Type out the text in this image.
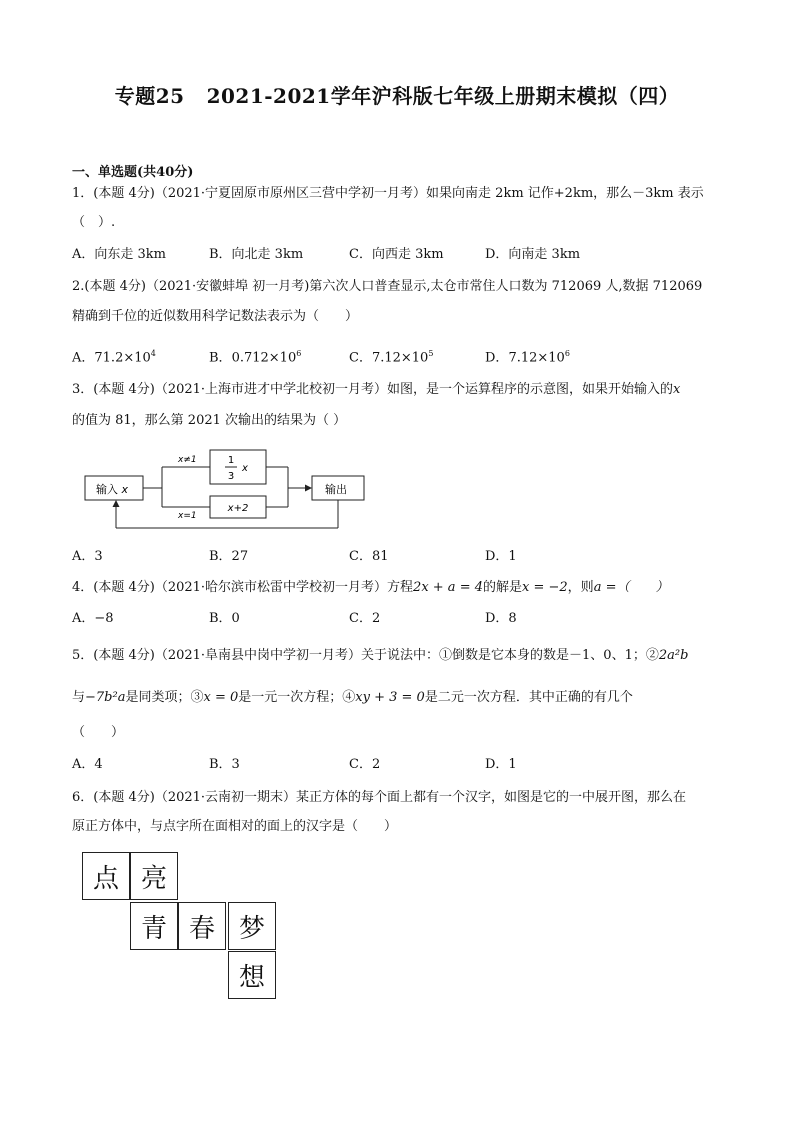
专题25 2021-2021学年沪科版七年级上册期末模拟（四）
一、单选题(共40分)
1．(本题 4分)（2021·宁夏固原市原州区三营中学初一月考）如果向南走 2km 记作+2km，那么－3km 表示
（　）.
A．向东走 3km	B．向北走 3km	C．向西走 3km	D．向南走 3km
2.(本题 4分)（2021·安徽蚌埠 初一月考)第六次人口普查显示,太仓市常住人口数为 712069 人,数据 712069
精确到千位的近似数用科学记数法表示为（　　）
A．$71.2\times 10^4$	B．$0.712\times 10^6$	C．$7.12\times 10^5$	D．$7.12\times 10^6$
3．(本题 4分)（2021·上海市进才中学北校初一月考）如图，是一个运算程序的示意图，如果开始输入的x
的值为 81，那么第 2021 次输出的结果为（ ）
输入 x	输出
x≠1
x=1
1
3
x
x+2
A．3	B．27	C．81	D．1
4．(本题 4分)（2021·哈尔滨市松雷中学校初一月考）方程2x + a = 4的解是x = −2，则a =（　　）
A．−8	B．0	C．2	D．8
5．(本题 4分)（2021·阜南县中岗中学初一月考）关于说法中：①倒数是它本身的数是－1、0、1；②2a²b
与−7b²a是同类项；③x = 0是一元一次方程；④xy + 3 = 0是二元一次方程．其中正确的有几个
（　　）
A．4	B．3	C．2	D．1
6．(本题 4分)（2021·云南初一期末）某正方体的每个面上都有一个汉字，如图是它的一中展开图，那么在
原正方体中，与点字所在面相对的面上的汉字是（　　）
点 亮
青 春 梦
想
